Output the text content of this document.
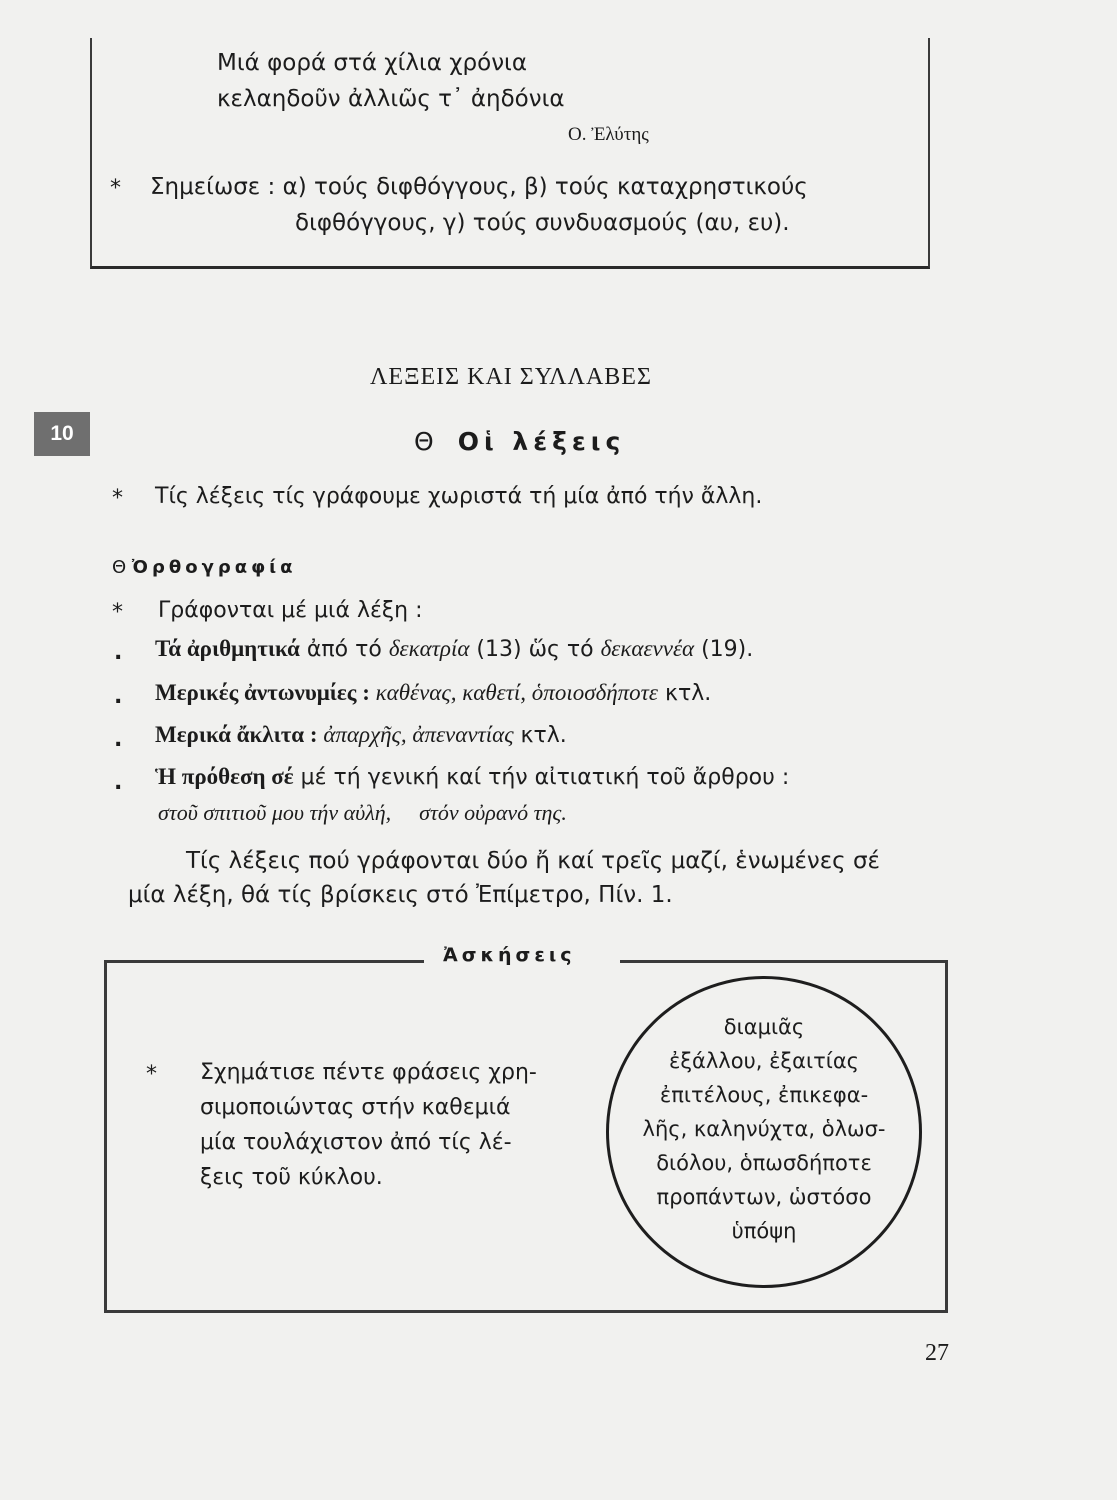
Μιά φορά στά χίλια χρόνια
κελαηδοῦν ἀλλιῶς τ᾽ ἀηδόνια
Ο. Ἐλύτης
* Σημείωσε : α) τούς διφθόγγους, β) τούς καταχρηστικούς
διφθόγγους, γ) τούς συνδυασμούς (αυ, ευ).
ΛΕΞΕΙΣ ΚΑΙ ΣΥΛΛΑΒΕΣ
10	Θ Οἱ λέξεις
* Τίς λέξεις τίς γράφουμε χωριστά τή μία ἀπό τήν ἄλλη.
Θ Ὀρθογραφία
* Γράφονται μέ μιά λέξη :
. Τά ἀριθμητικά ἀπό τό δεκατρία (13) ὥς τό δεκαεννέα (19).
. Μερικές ἀντωνυμίες : καθένας, καθετί, ὁποιοσδήποτε κτλ.
. Μερικά ἄκλιτα : ἀπαρχῆς, ἀπεναντίας κτλ.
. Ἡ πρόθεση σέ μέ τή γενική καί τήν αἰτιατική τοῦ ἄρθρου :
στοῦ σπιτιοῦ μου τήν αὐλή, στόν οὐρανό της.
Τίς λέξεις πού γράφονται δύο ἤ καί τρεῖς μαζί, ἑνωμένες σέ
μία λέξη, θά τίς βρίσκεις στό Ἐπίμετρο, Πίν. 1.
Ἀσκήσεις
* Σχημάτισε πέντε φράσεις χρη-
σιμοποιώντας στήν καθεμιά
μία τουλάχιστον ἀπό τίς λέ-
ξεις τοῦ κύκλου.
διαμιᾶς
ἐξάλλου, ἐξαιτίας
ἐπιτέλους, ἐπικεφα-
λῆς, καληνύχτα, ὁλωσ-
διόλου, ὁπωσδήποτε
προπάντων, ὡστόσο
ὑπόψη
27
